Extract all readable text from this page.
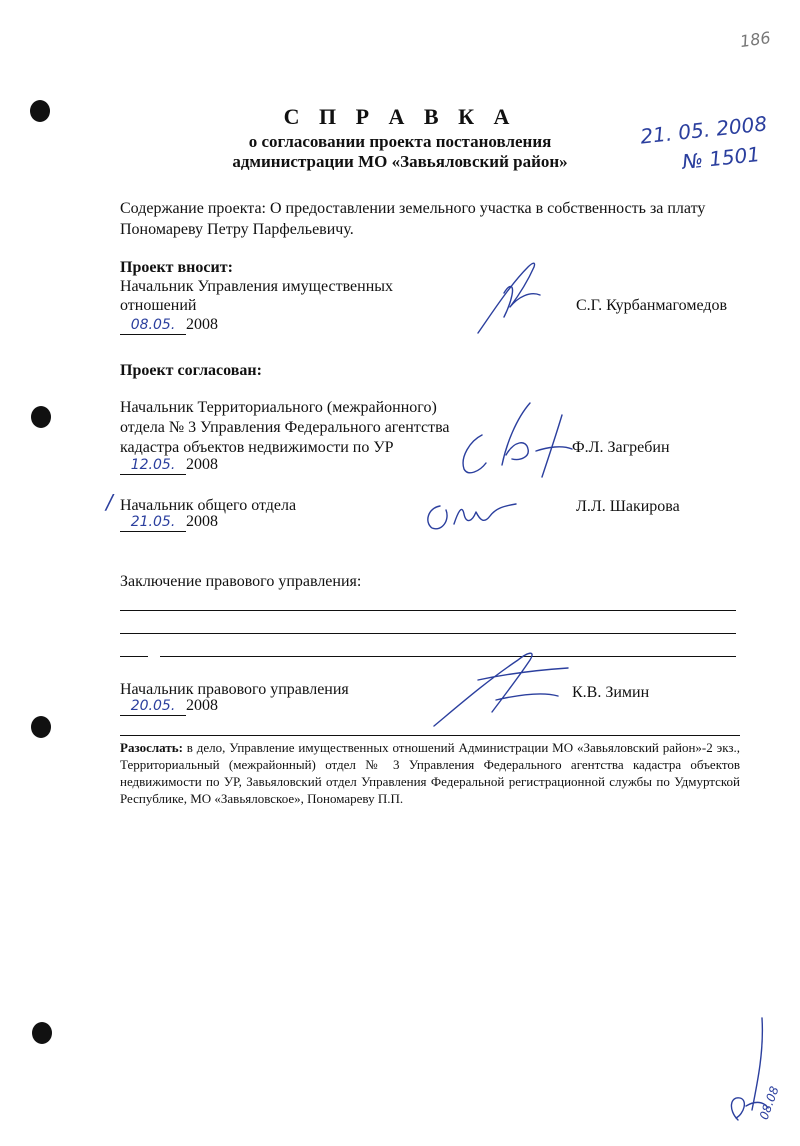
186
С П Р А В К А
о согласовании проекта постановления
администрации МО «Завьяловский район»
21. 05. 2008
№ 1501
Содержание проекта: О предоставлении земельного участка в собственность за плату Пономареву Петру Парфельевичу.
Проект вносит:
Начальник Управления имущественных
отношений
08.05. 2008
С.Г. Курбанмагомедов
Проект согласован:
Начальник Территориального (межрайонного)
отдела № 3 Управления Федерального агентства
кадастра объектов недвижимости по УР
12.05. 2008
Ф.Л. Загребин
/ Начальник общего отдела
21.05. 2008
Л.Л. Шакирова
Заключение правового управления:
Начальник правового управления
20.05. 2008
К.В. Зимин
Разослать: в дело, Управление имущественных отношений Администрации МО «Завьяловский район»-2 экз., Территориальный (межрайонный) отдел № 3 Управления Федерального агентства кадастра объектов недвижимости по УР, Завьяловский отдел Управления Федеральной регистрационной службы по Удмуртской Республике, МО «Завьяловское», Пономареву П.П.
08.08
